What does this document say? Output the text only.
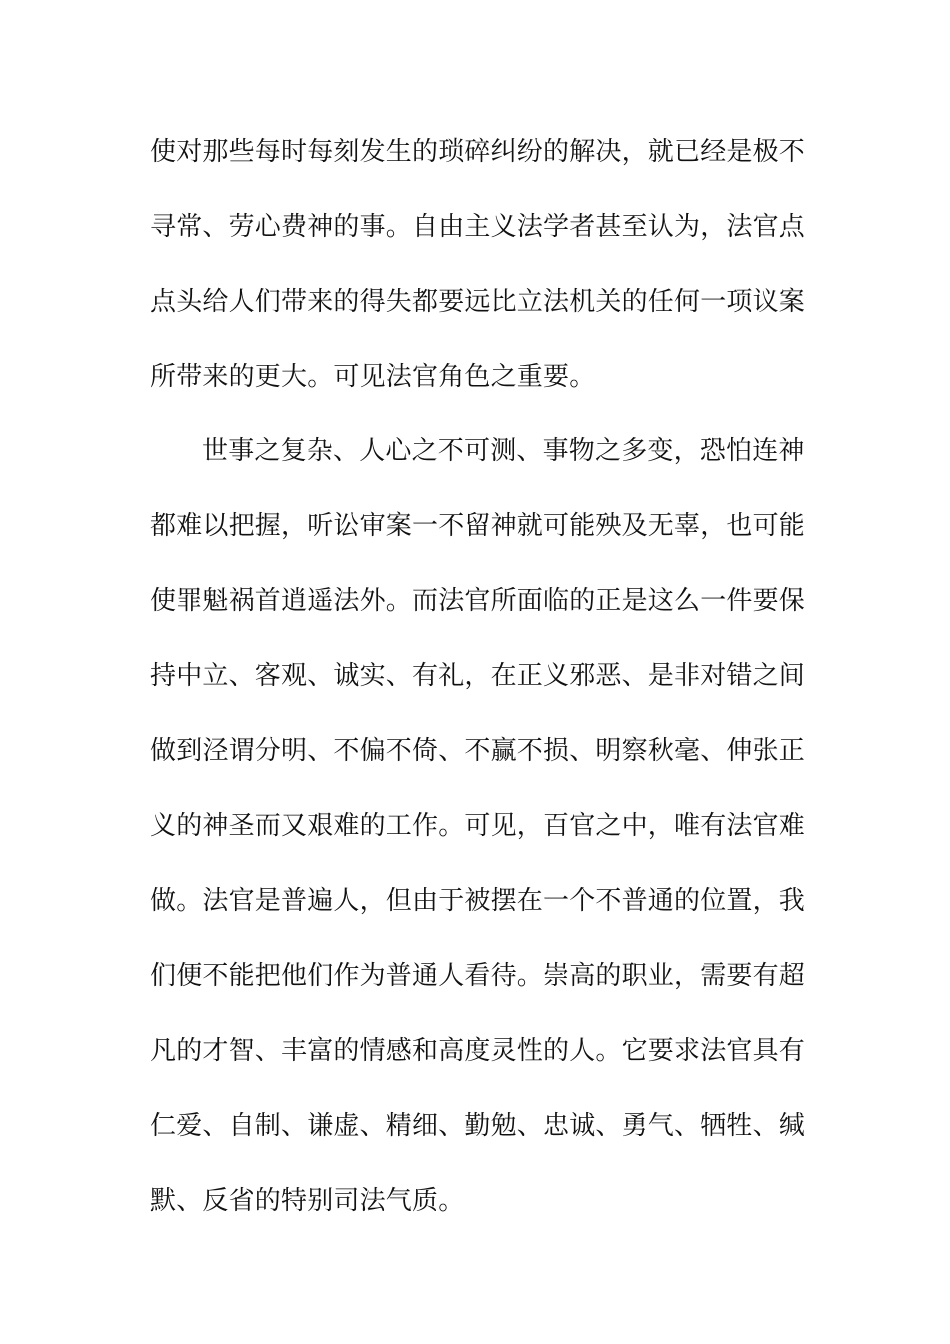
使对那些每时每刻发生的琐碎纠纷的解决，就已经是极不
寻常、劳心费神的事。自由主义法学者甚至认为，法官点
点头给人们带来的得失都要远比立法机关的任何一项议案
所带来的更大。可见法官角色之重要。
世事之复杂、人心之不可测、事物之多变，恐怕连神
都难以把握，听讼审案一不留神就可能殃及无辜，也可能
使罪魁祸首逍遥法外。而法官所面临的正是这么一件要保
持中立、客观、诚实、有礼，在正义邪恶、是非对错之间
做到泾谓分明、不偏不倚、不赢不损、明察秋毫、伸张正
义的神圣而又艰难的工作。可见，百官之中，唯有法官难
做。法官是普遍人，但由于被摆在一个不普通的位置，我
们便不能把他们作为普通人看待。崇高的职业，需要有超
凡的才智、丰富的情感和高度灵性的人。它要求法官具有
仁爱、自制、谦虚、精细、勤勉、忠诚、勇气、牺牲、缄
默、反省的特别司法气质。
